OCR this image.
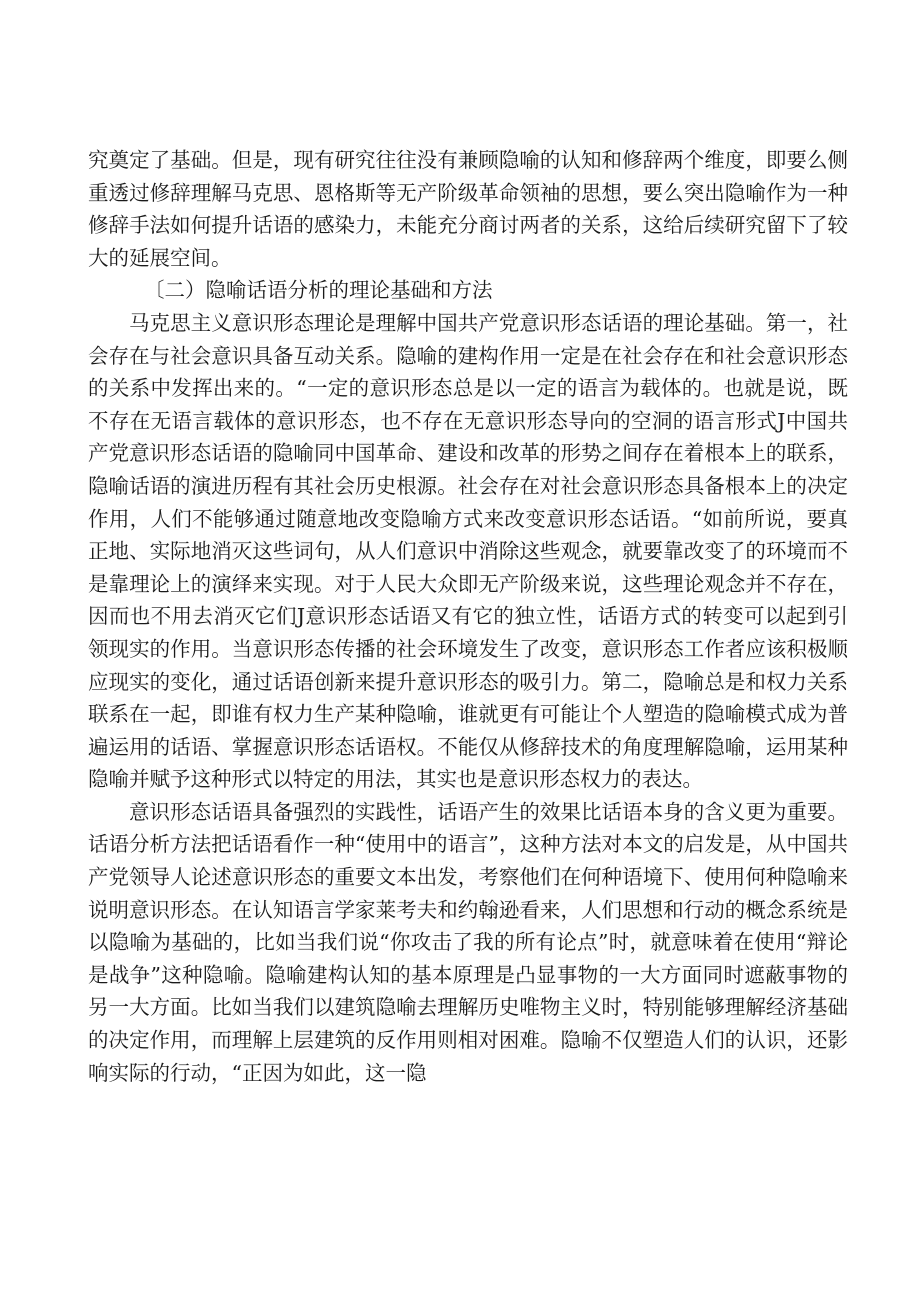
究奠定了基础。但是，现有研究往往没有兼顾隐喻的认知和修辞两个维度，即要么侧重透过修辞理解马克思、恩格斯等无产阶级革命领袖的思想，要么突出隐喻作为一种修辞手法如何提升话语的感染力，未能充分商讨两者的关系，这给后续研究留下了较大的延展空间。

〔二）隐喻话语分析的理论基础和方法

马克思主义意识形态理论是理解中国共产党意识形态话语的理论基础。第一，社会存在与社会意识具备互动关系。隐喻的建构作用一定是在社会存在和社会意识形态的关系中发挥出来的。“一定的意识形态总是以一定的语言为载体的。也就是说，既不存在无语言载体的意识形态，也不存在无意识形态导向的空洞的语言形式J中国共产党意识形态话语的隐喻同中国革命、建设和改革的形势之间存在着根本上的联系，隐喻话语的演进历程有其社会历史根源。社会存在对社会意识形态具备根本上的决定作用，人们不能够通过随意地改变隐喻方式来改变意识形态话语。“如前所说，要真正地、实际地消灭这些词句，从人们意识中消除这些观念，就要靠改变了的环境而不是靠理论上的演绎来实现。对于人民大众即无产阶级来说，这些理论观念并不存在，因而也不用去消灭它们J意识形态话语又有它的独立性，话语方式的转变可以起到引领现实的作用。当意识形态传播的社会环境发生了改变，意识形态工作者应该积极顺应现实的变化，通过话语创新来提升意识形态的吸引力。第二，隐喻总是和权力关系联系在一起，即谁有权力生产某种隐喻，谁就更有可能让个人塑造的隐喻模式成为普遍运用的话语、掌握意识形态话语权。不能仅从修辞技术的角度理解隐喻，运用某种隐喻并赋予这种形式以特定的用法，其实也是意识形态权力的表达。

意识形态话语具备强烈的实践性，话语产生的效果比话语本身的含义更为重要。话语分析方法把话语看作一种“使用中的语言”，这种方法对本文的启发是，从中国共产党领导人论述意识形态的重要文本出发，考察他们在何种语境下、使用何种隐喻来说明意识形态。在认知语言学家莱考夫和约翰逊看来，人们思想和行动的概念系统是以隐喻为基础的，比如当我们说“你攻击了我的所有论点”时，就意味着在使用“辩论是战争”这种隐喻。隐喻建构认知的基本原理是凸显事物的一大方面同时遮蔽事物的另一大方面。比如当我们以建筑隐喻去理解历史唯物主义时，特别能够理解经济基础的决定作用，而理解上层建筑的反作用则相对困难。隐喻不仅塑造人们的认识，还影响实际的行动，“正因为如此，这一隐
